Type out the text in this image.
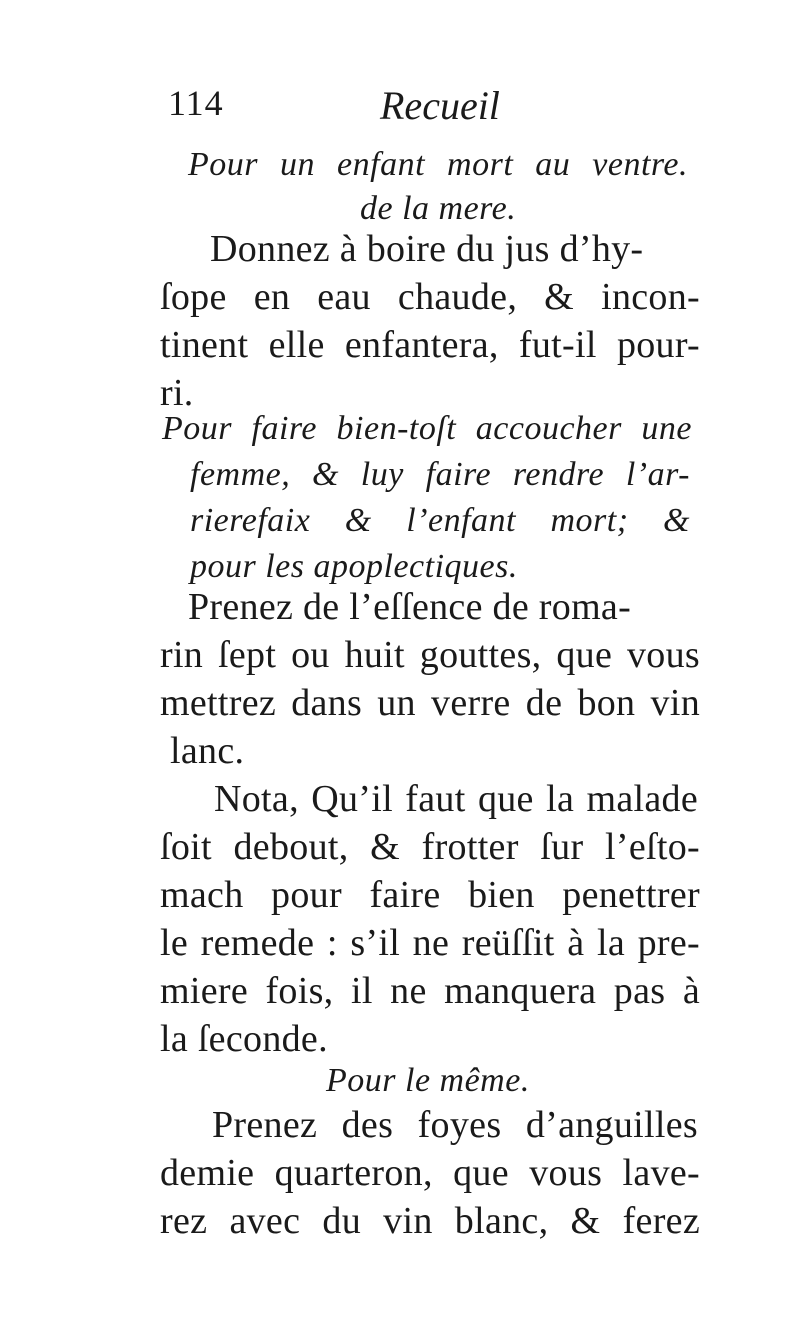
114	Recueil
Pour un enfant mort au ventre.
de la mere.
Donnez à boire du jus d’hy-
ſope en eau chaude, & incon-
tinent elle enfantera, fut-il pour-
ri.
Pour faire bien-toſt accoucher une
femme, & luy faire rendre l’ar-
rierefaix & l’enfant mort; &
pour les apoplectiques.
Prenez de l’eſſence de roma-
rin ſept ou huit gouttes, que vous
mettrez dans un verre de bon vin
lanc.
Nota, Qu’il faut que la malade
ſoit debout, & frotter ſur l’eſto-
mach pour faire bien penettrer
le remede : s’il ne reüſſit à la pre-
miere fois, il ne manquera pas à
la ſeconde.
Pour le même.
Prenez des foyes d’anguilles
demie quarteron, que vous lave-
rez avec du vin blanc, & ferez
